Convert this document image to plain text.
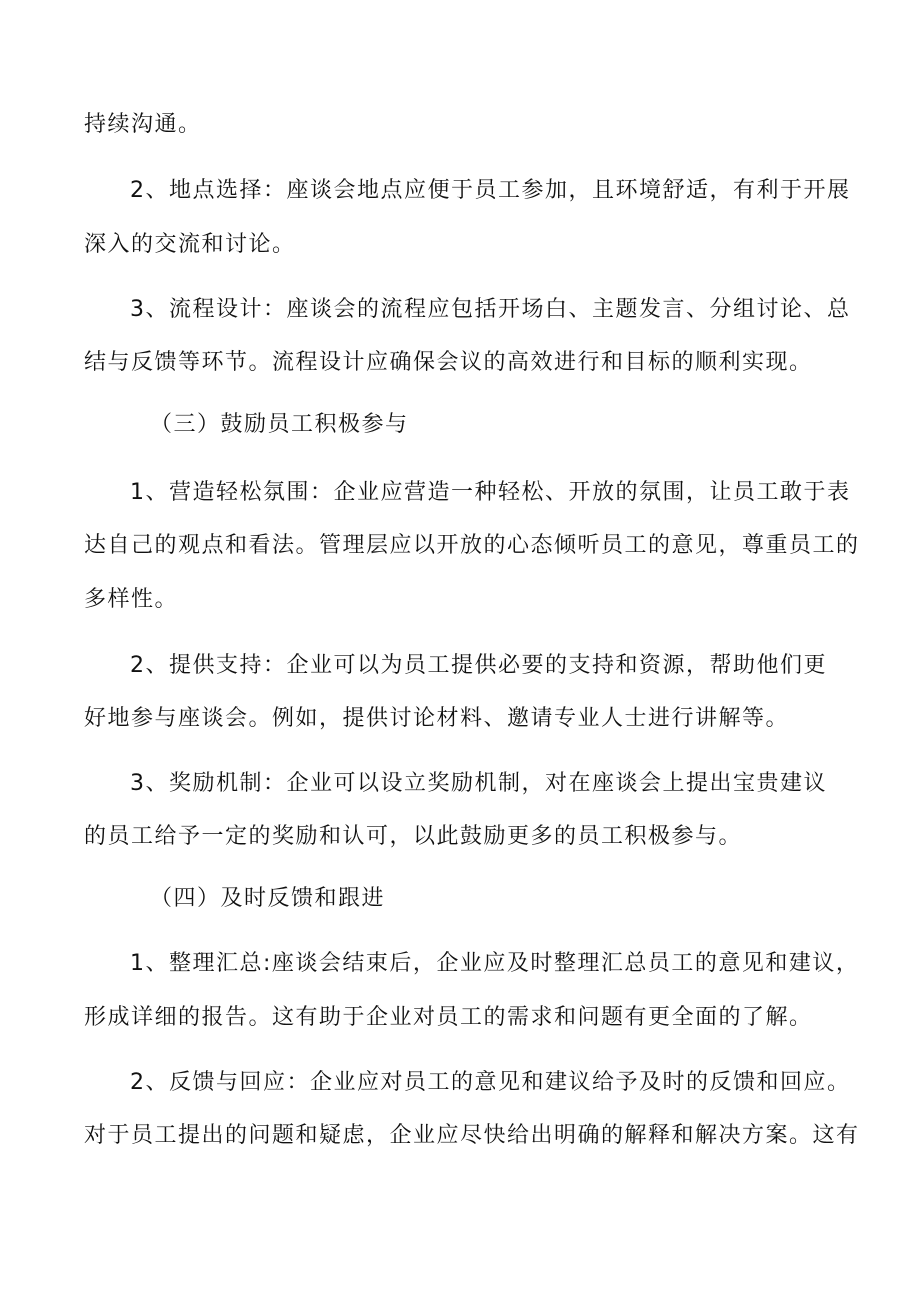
持续沟通。
2、地点选择：座谈会地点应便于员工参加，且环境舒适，有利于开展
深入的交流和讨论。
3、流程设计：座谈会的流程应包括开场白、主题发言、分组讨论、总
结与反馈等环节。流程设计应确保会议的高效进行和目标的顺利实现。
（三）鼓励员工积极参与
1、营造轻松氛围：企业应营造一种轻松、开放的氛围，让员工敢于表
达自己的观点和看法。管理层应以开放的心态倾听员工的意见，尊重员工的
多样性。
2、提供支持：企业可以为员工提供必要的支持和资源，帮助他们更
好地参与座谈会。例如，提供讨论材料、邀请专业人士进行讲解等。
3、奖励机制：企业可以设立奖励机制，对在座谈会上提出宝贵建议
的员工给予一定的奖励和认可，以此鼓励更多的员工积极参与。
（四）及时反馈和跟进
1、整理汇总:座谈会结束后，企业应及时整理汇总员工的意见和建议，
形成详细的报告。这有助于企业对员工的需求和问题有更全面的了解。
2、反馈与回应：企业应对员工的意见和建议给予及时的反馈和回应。
对于员工提出的问题和疑虑，企业应尽快给出明确的解释和解决方案。这有
